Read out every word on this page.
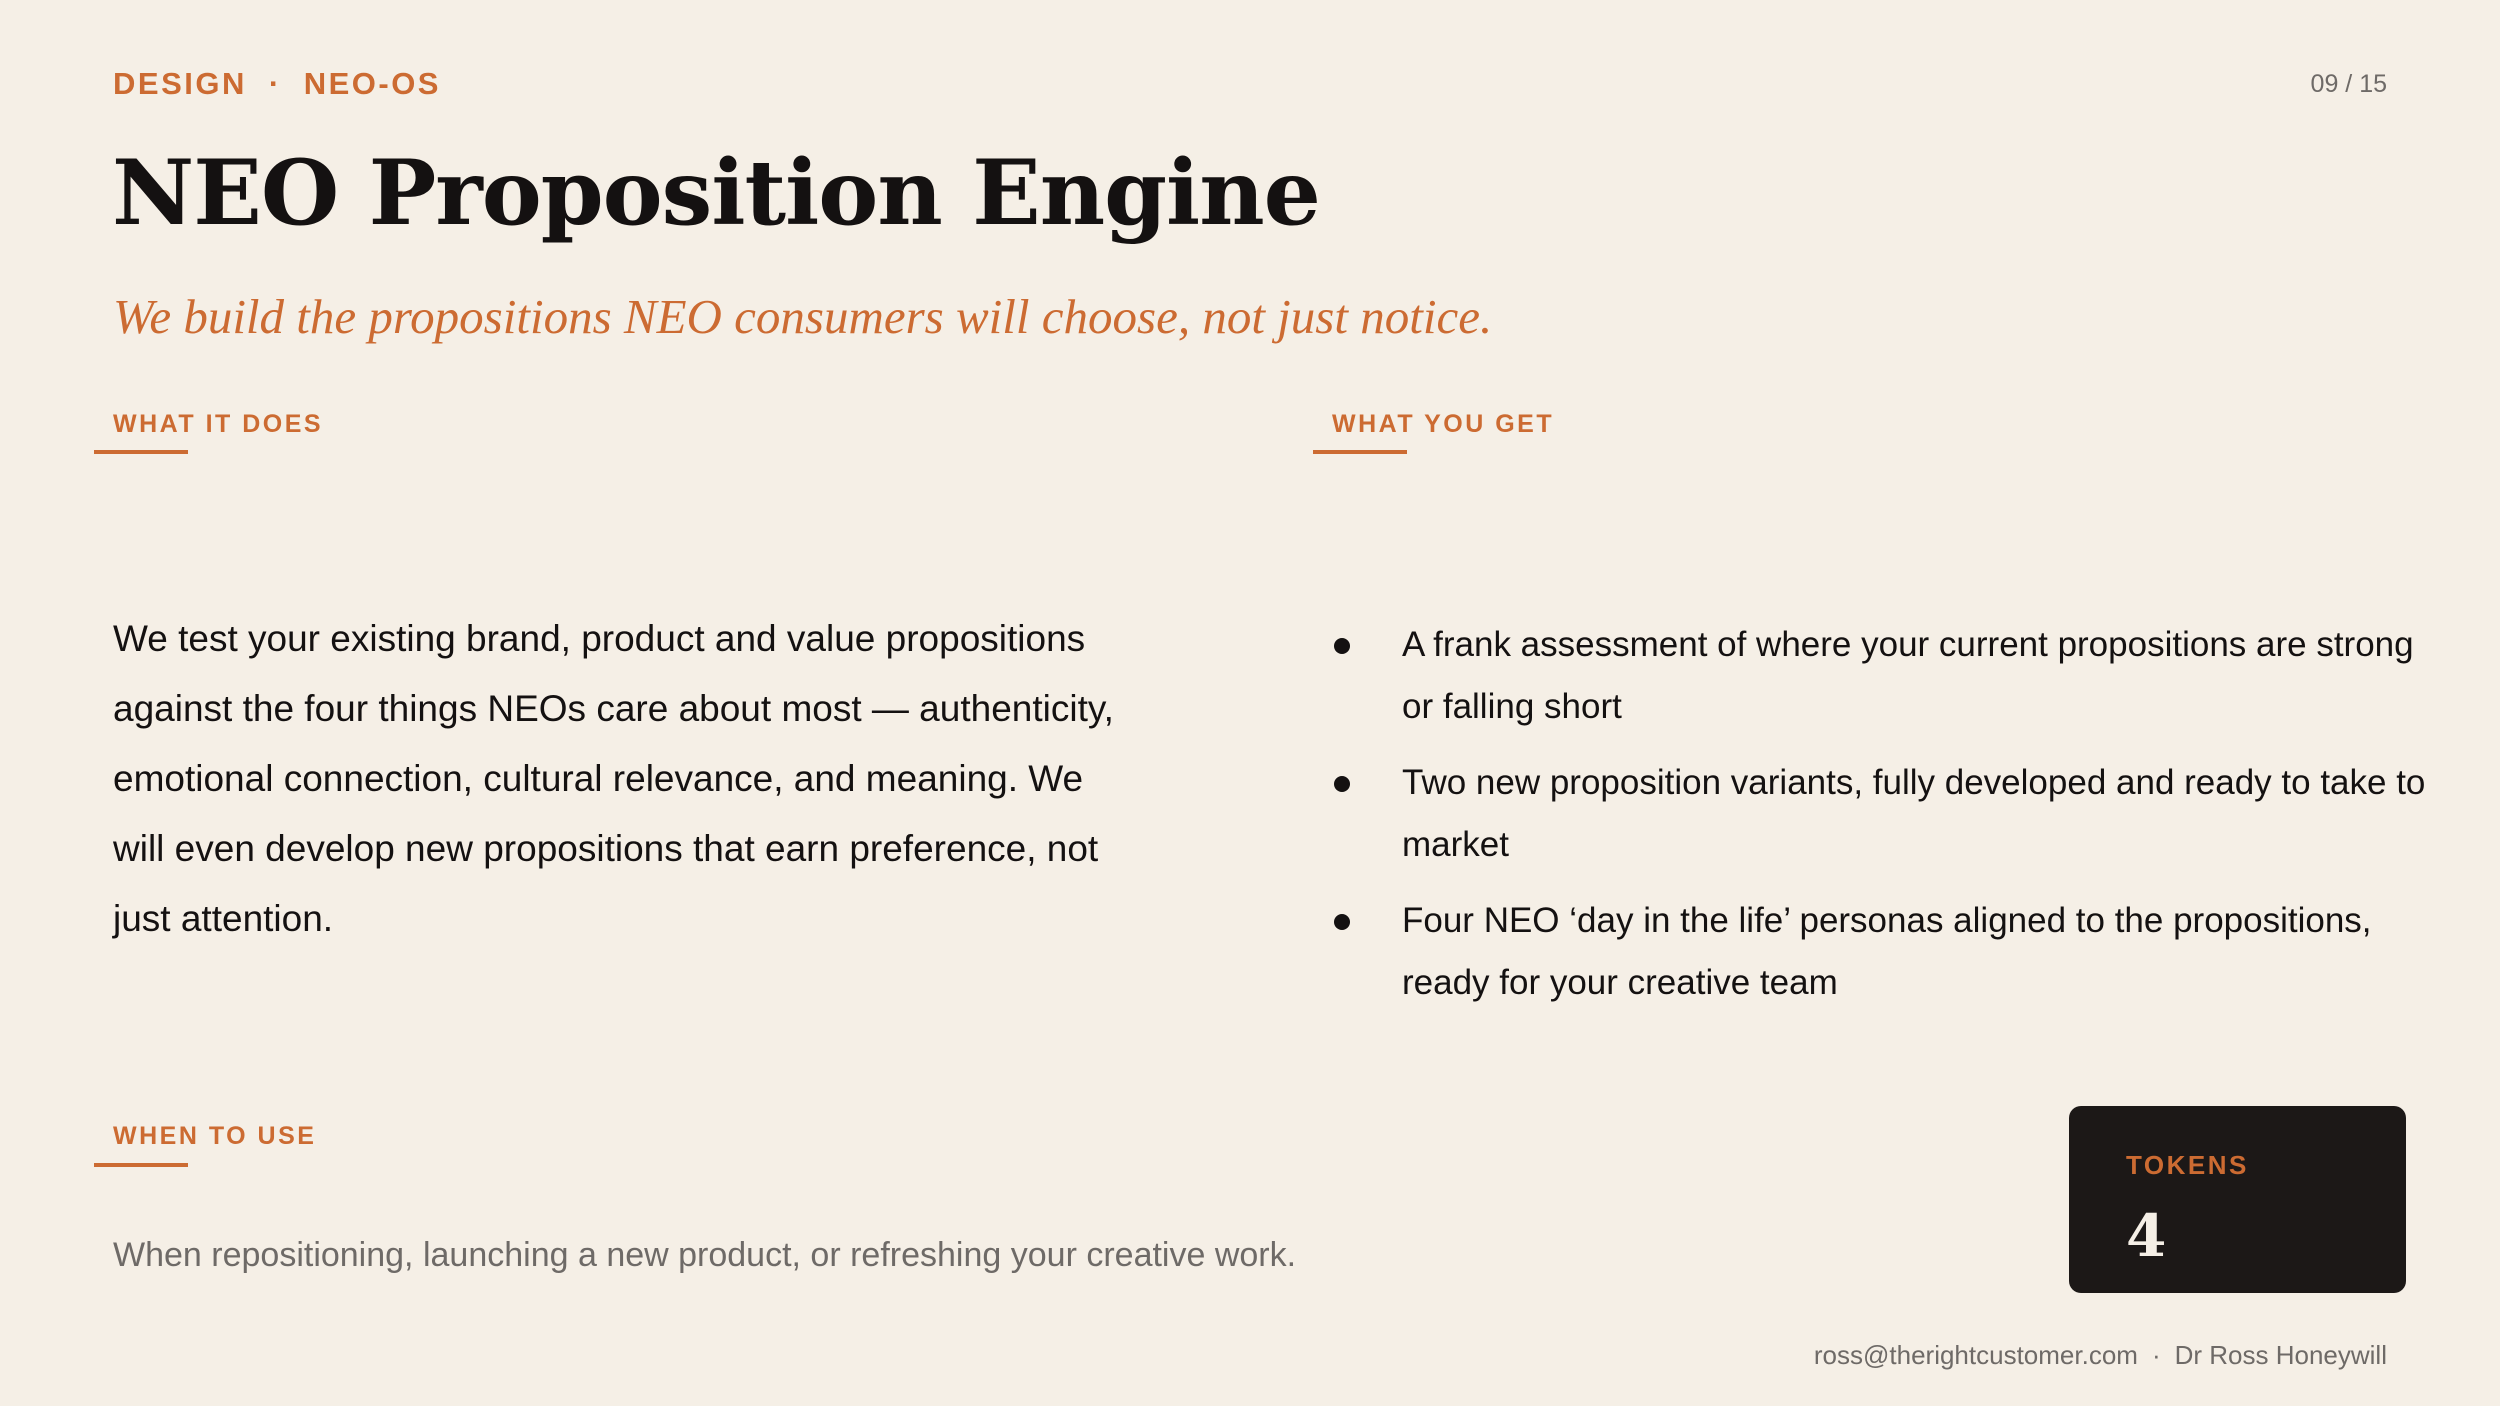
DESIGN · NEO-OS	09 / 15
NEO Proposition Engine
We build the propositions NEO consumers will choose, not just notice.
WHAT IT DOES
We test your existing brand, product and value propositions against the four things NEOs care about most — authenticity, emotional connection, cultural relevance, and meaning. We will even develop new propositions that earn preference, not just attention.
WHAT YOU GET
A frank assessment of where your current propositions are strong or falling short
Two new proposition variants, fully developed and ready to take to market
Four NEO ‘day in the life’ personas aligned to the propositions, ready for your creative team
WHEN TO USE
When repositioning, launching a new product, or refreshing your creative work.
TOKENS
4
ross@therightcustomer.com · Dr Ross Honeywill
